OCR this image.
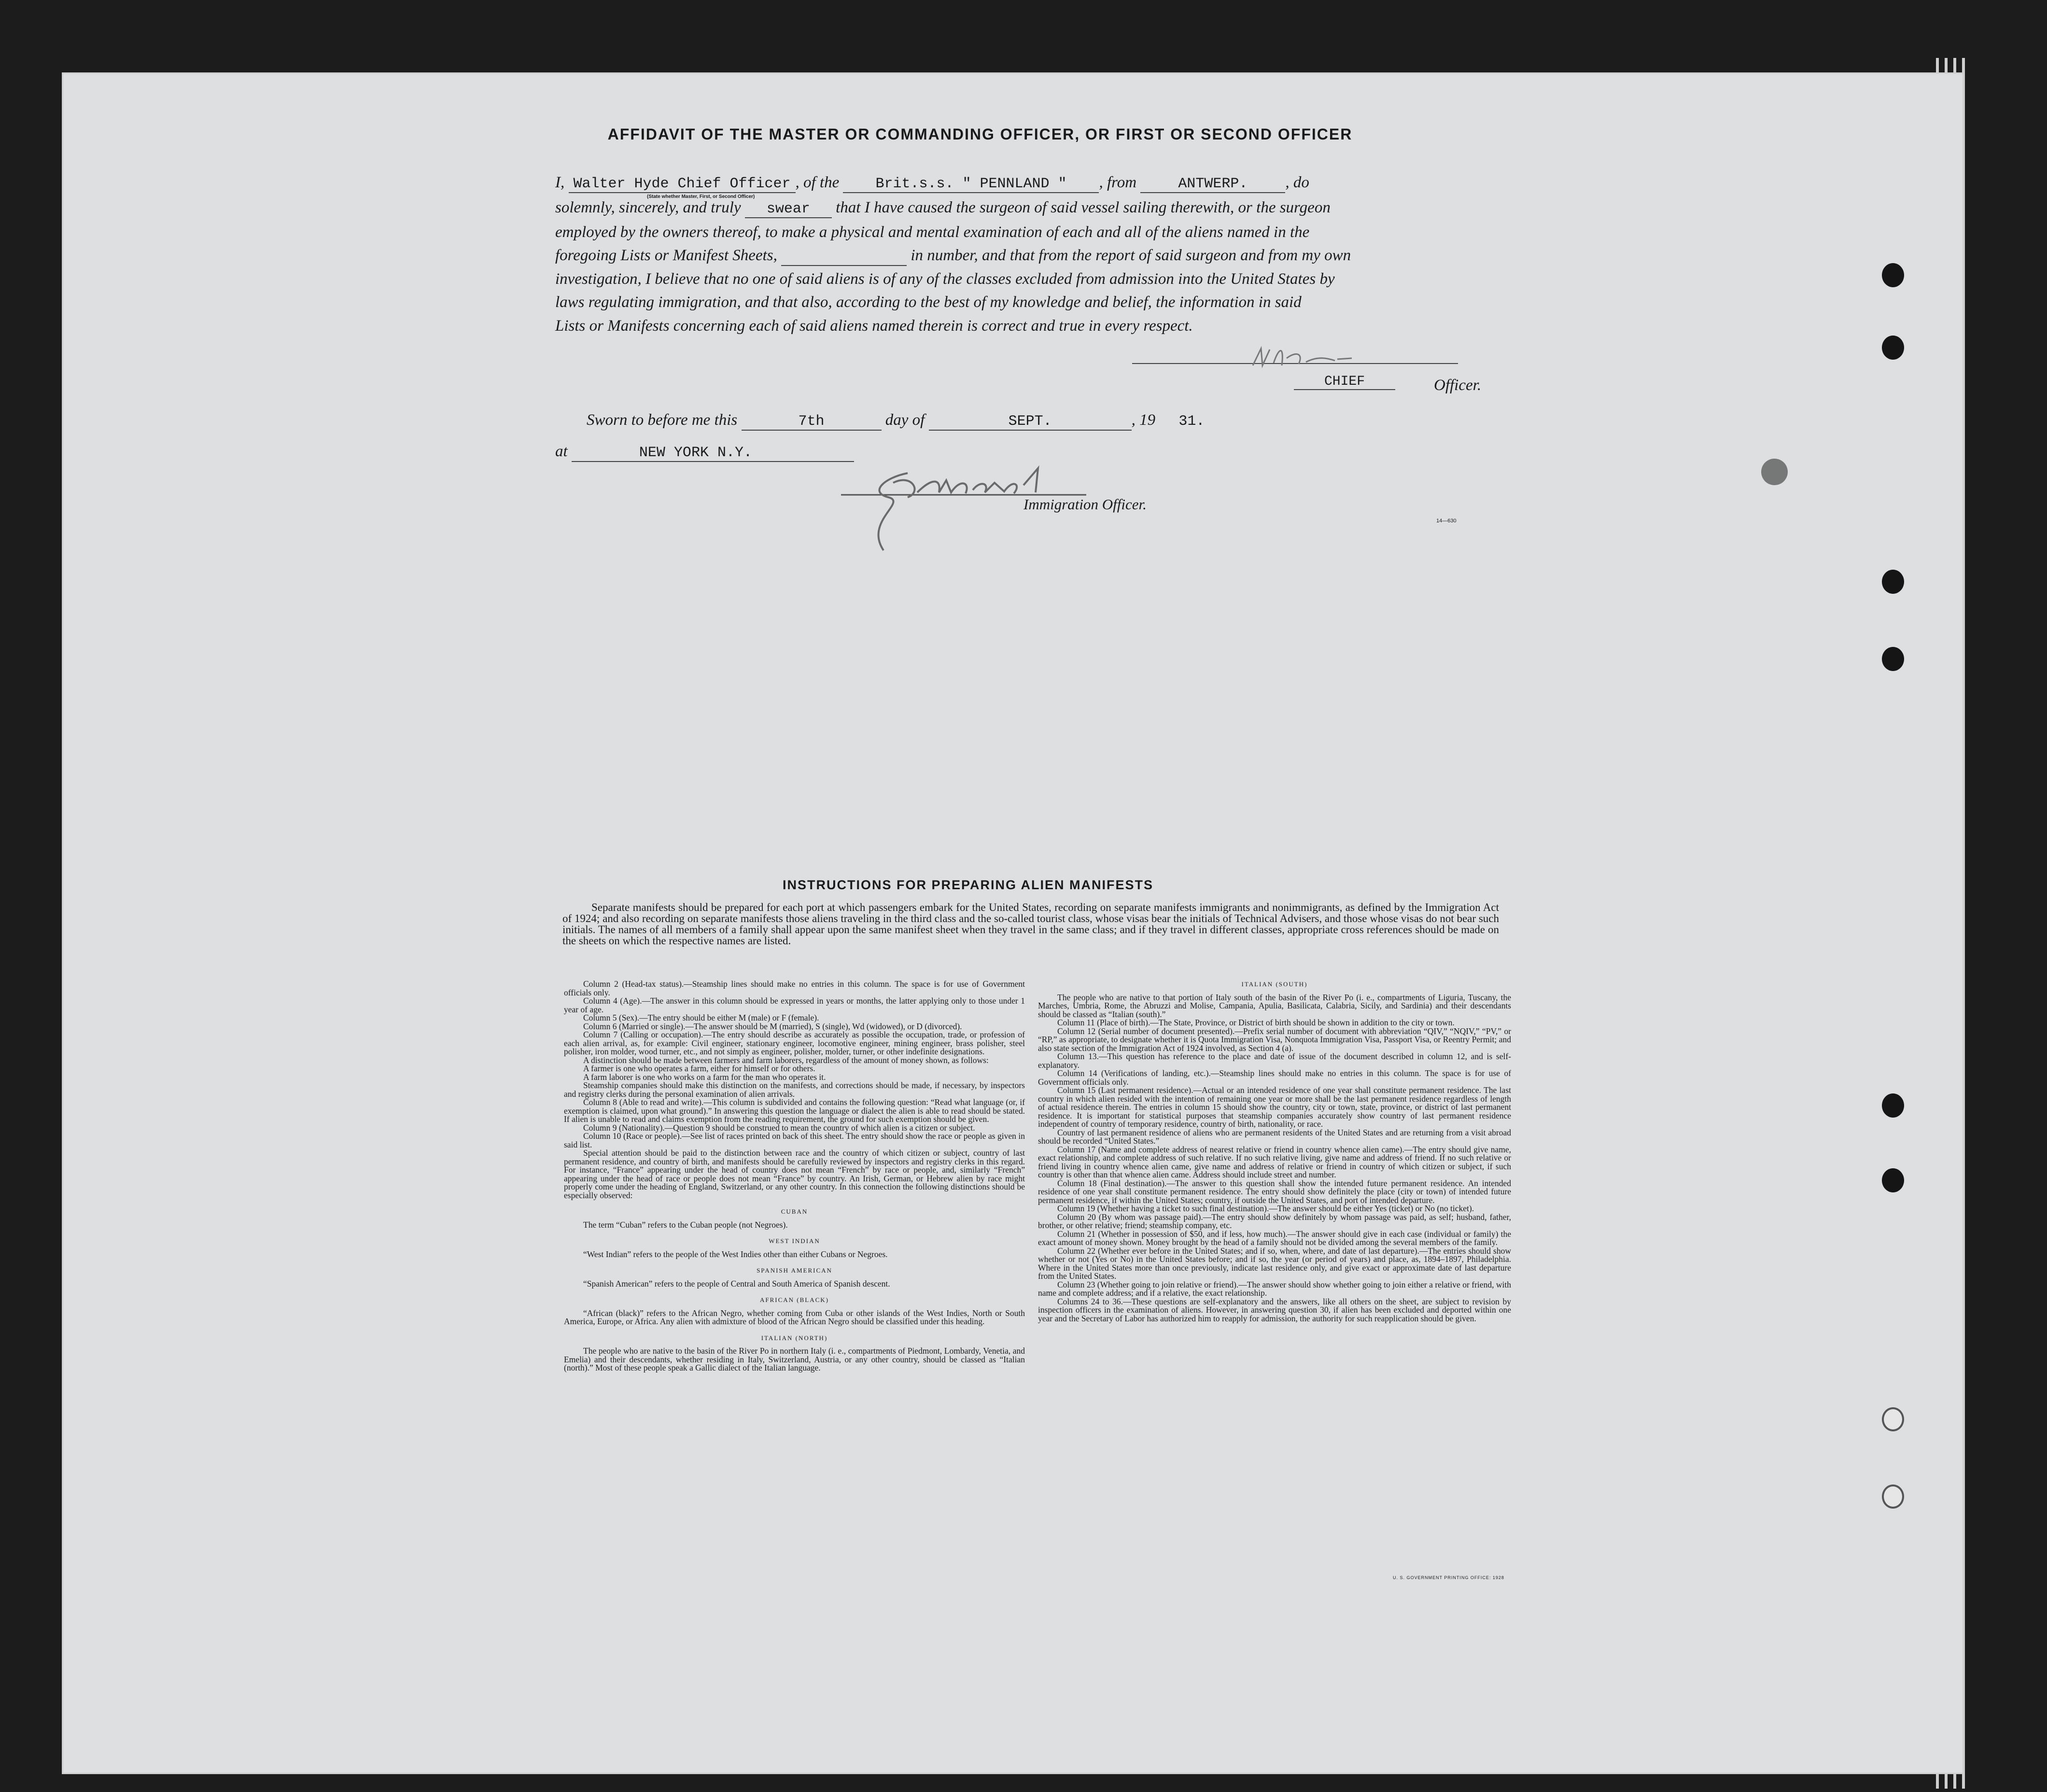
AFFIDAVIT OF THE MASTER OR COMMANDING OFFICER, OR FIRST OR SECOND OFFICER
I, Walter Hyde Chief Officer , of the	Brit.s.s. " PENNLAND " , from	ANTWERP. , do
(State whether Master, First, or Second Officer)
solemnly, sincerely, and truly swear that I have caused the surgeon of said vessel sailing therewith, or the surgeon
employed by the owners thereof, to make a physical and mental examination of each and all of the aliens named in the
foregoing Lists or Manifest Sheets,	in number, and that from the report of said surgeon and from my own
investigation, I believe that no one of said aliens is of any of the classes excluded from admission into the United States by
laws regulating immigration, and that also, according to the best of my knowledge and belief, the information in said
Lists or Manifests concerning each of said aliens named therein is correct and true in every respect.
CHIEF	Officer.
Sworn to before me this	7th	day of	SEPT.	, 19 31.
at	NEW YORK N.Y.
Immigration Officer.
14—630
INSTRUCTIONS FOR PREPARING ALIEN MANIFESTS
Separate manifests should be prepared for each port at which passengers embark for the United States, recording on separate manifests immigrants and nonimmigrants, as defined by the Immigration Act of 1924; and also recording on separate manifests those aliens traveling in the third class and the so-called tourist class, whose visas bear the initials of Technical Advisers, and those whose visas do not bear such initials. The names of all members of a family shall appear upon the same manifest sheet when they travel in the same class; and if they travel in different classes, appropriate cross references should be made on the sheets on which the respective names are listed.

Column 2 (Head-tax status).—Steamship lines should make no entries in this column. The space is for use of Government officials only.

Column 4 (Age).—The answer in this column should be expressed in years or months, the latter applying only to those under 1 year of age.

Column 5 (Sex).—The entry should be either M (male) or F (female).

Column 6 (Married or single).—The answer should be M (married), S (single), Wd (widowed), or D (divorced).

Column 7 (Calling or occupation).—The entry should describe as accurately as possible the occupation, trade, or profession of each alien arrival, as, for example: Civil engineer, stationary engineer, locomotive engineer, mining engineer, brass polisher, steel polisher, iron molder, wood turner, etc., and not simply as engineer, polisher, molder, turner, or other indefinite designations.

A distinction should be made between farmers and farm laborers, regardless of the amount of money shown, as follows:

A farmer is one who operates a farm, either for himself or for others.

A farm laborer is one who works on a farm for the man who operates it.

Steamship companies should make this distinction on the manifests, and corrections should be made, if necessary, by inspectors and registry clerks during the personal examination of alien arrivals.

Column 8 (Able to read and write).—This column is subdivided and contains the following question: “Read what language (or, if exemption is claimed, upon what ground).” In answering this question the language or dialect the alien is able to read should be stated. If alien is unable to read and claims exemption from the reading requirement, the ground for such exemption should be given.

Column 9 (Nationality).—Question 9 should be construed to mean the country of which alien is a citizen or subject.

Column 10 (Race or people).—See list of races printed on back of this sheet. The entry should show the race or people as given in said list.

Special attention should be paid to the distinction between race and the country of which citizen or subject, country of last permanent residence, and country of birth, and manifests should be carefully reviewed by inspectors and registry clerks in this regard. For instance, “France” appearing under the head of country does not mean “French” by race or people, and, similarly “French” appearing under the head of race or people does not mean “France” by country. An Irish, German, or Hebrew alien by race might properly come under the heading of England, Switzerland, or any other country. In this connection the following distinctions should be especially observed:

CUBAN

The term “Cuban” refers to the Cuban people (not Negroes).

WEST INDIAN

“West Indian” refers to the people of the West Indies other than either Cubans or Negroes.

SPANISH AMERICAN

“Spanish American” refers to the people of Central and South America of Spanish descent.

AFRICAN (BLACK)

“African (black)” refers to the African Negro, whether coming from Cuba or other islands of the West Indies, North or South America, Europe, or Africa. Any alien with admixture of blood of the African Negro should be classified under this heading.

ITALIAN (NORTH)

The people who are native to the basin of the River Po in northern Italy (i. e., compartments of Piedmont, Lombardy, Venetia, and Emelia) and their descendants, whether residing in Italy, Switzerland, Austria, or any other country, should be classed as “Italian (north).” Most of these people speak a Gallic dialect of the Italian language.

ITALIAN (SOUTH)

The people who are native to that portion of Italy south of the basin of the River Po (i. e., compartments of Liguria, Tuscany, the Marches, Umbria, Rome, the Abruzzi and Molise, Campania, Apulia, Basilicata, Calabria, Sicily, and Sardinia) and their descendants should be classed as “Italian (south).”

Column 11 (Place of birth).—The State, Province, or District of birth should be shown in addition to the city or town.

Column 12 (Serial number of document presented).—Prefix serial number of document with abbreviation “QIV,” “NQIV,” “PV,” or “RP,” as appropriate, to designate whether it is Quota Immigration Visa, Nonquota Immigration Visa, Passport Visa, or Reentry Permit; and also state section of the Immigration Act of 1924 involved, as Section 4 (a).

Column 13.—This question has reference to the place and date of issue of the document described in column 12, and is self-explanatory.

Column 14 (Verifications of landing, etc.).—Steamship lines should make no entries in this column. The space is for use of Government officials only.

Column 15 (Last permanent residence).—Actual or an intended residence of one year shall constitute permanent residence. The last country in which alien resided with the intention of remaining one year or more shall be the last permanent residence regardless of length of actual residence therein. The entries in column 15 should show the country, city or town, state, province, or district of last permanent residence. It is important for statistical purposes that steamship companies accurately show country of last permanent residence independent of country of temporary residence, country of birth, nationality, or race.

Country of last permanent residence of aliens who are permanent residents of the United States and are returning from a visit abroad should be recorded “United States.”

Column 17 (Name and complete address of nearest relative or friend in country whence alien came).—The entry should give name, exact relationship, and complete address of such relative. If no such relative living, give name and address of friend. If no such relative or friend living in country whence alien came, give name and address of relative or friend in country of which citizen or subject, if such country is other than that whence alien came. Address should include street and number.

Column 18 (Final destination).—The answer to this question shall show the intended future permanent residence. An intended residence of one year shall constitute permanent residence. The entry should show definitely the place (city or town) of intended future permanent residence, if within the United States; country, if outside the United States, and port of intended departure.

Column 19 (Whether having a ticket to such final destination).—The answer should be either Yes (ticket) or No (no ticket).

Column 20 (By whom was passage paid).—The entry should show definitely by whom passage was paid, as self; husband, father, brother, or other relative; friend; steamship company, etc.

Column 21 (Whether in possession of $50, and if less, how much).—The answer should give in each case (individual or family) the exact amount of money shown. Money brought by the head of a family should not be divided among the several members of the family.

Column 22 (Whether ever before in the United States; and if so, when, where, and date of last departure).—The entries should show whether or not (Yes or No) in the United States before; and if so, the year (or period of years) and place, as, 1894–1897, Philadelphia. Where in the United States more than once previously, indicate last residence only, and give exact or approximate date of last departure from the United States.

Column 23 (Whether going to join relative or friend).—The answer should show whether going to join either a relative or friend, with name and complete address; and if a relative, the exact relationship.

Columns 24 to 36.—These questions are self-explanatory and the answers, like all others on the sheet, are subject to revision by inspection officers in the examination of aliens. However, in answering question 30, if alien has been excluded and deported within one year and the Secretary of Labor has authorized him to reapply for admission, the authority for such reapplication should be given.

U. S. GOVERNMENT PRINTING OFFICE: 1928
